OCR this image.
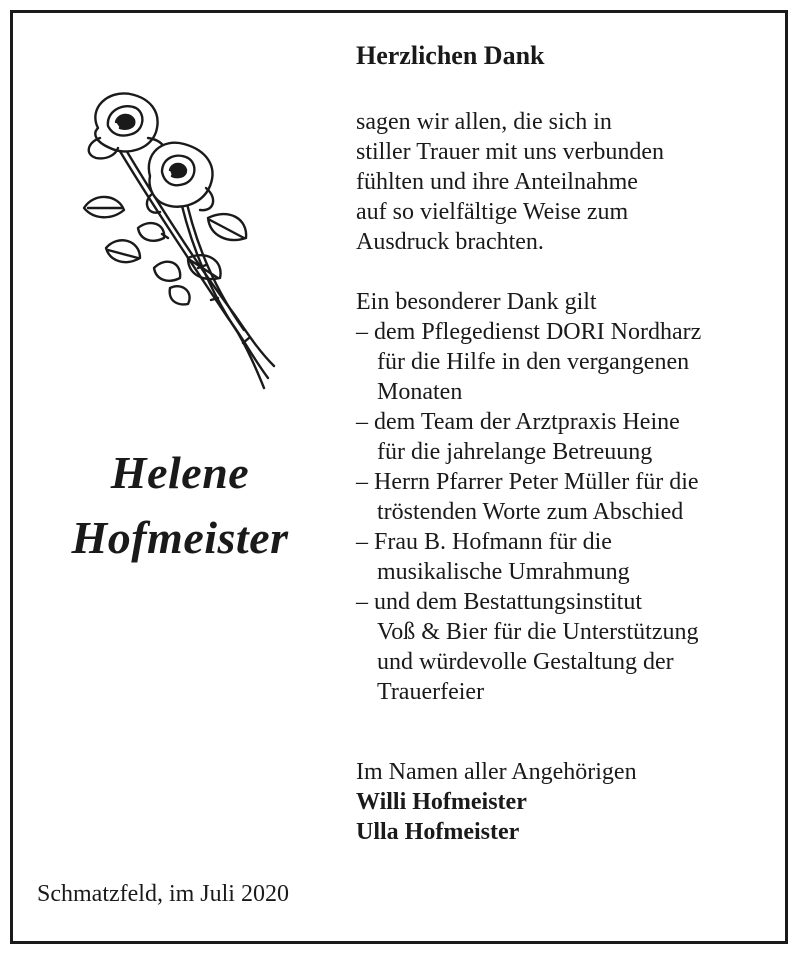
Helene
Hofmeister
Schmatzfeld, im Juli 2020
Herzlichen Dank
sagen wir allen, die sich in
stiller Trauer mit uns verbunden
fühlten und ihre Anteilnahme
auf so vielfältige Weise zum
Ausdruck brachten.
Ein besonderer Dank gilt
– dem Pflegedienst DORI Nordharz
für die Hilfe in den vergangenen
Monaten
– dem Team der Arztpraxis Heine
für die jahrelange Betreuung
– Herrn Pfarrer Peter Müller für die
tröstenden Worte zum Abschied
– Frau B. Hofmann für die
musikalische Umrahmung
– und dem Bestattungsinstitut
Voß & Bier für die Unterstützung
und würdevolle Gestaltung der
Trauerfeier
Im Namen aller Angehörigen
Willi Hofmeister
Ulla Hofmeister
